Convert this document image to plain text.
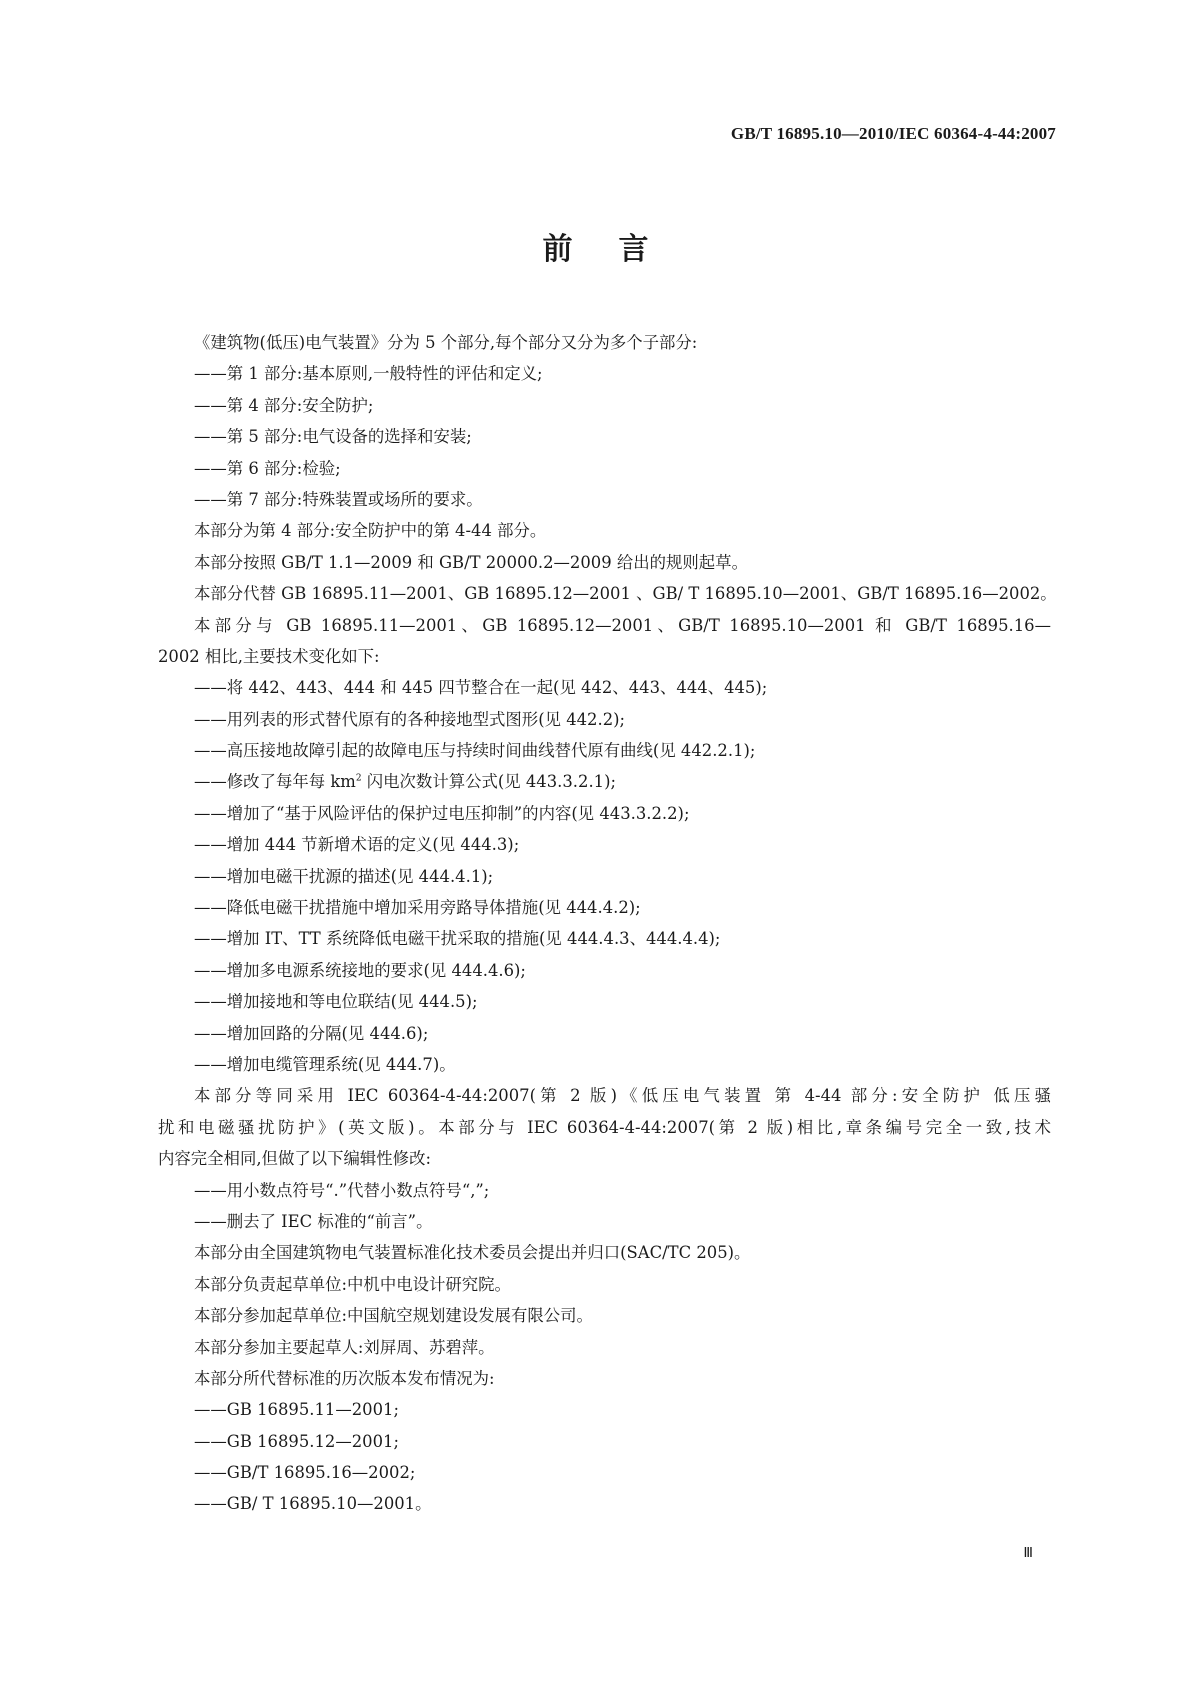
GB/T 16895.10—2010/IEC 60364-4-44:2007
前言
《建筑物(低压)电气装置》分为 5 个部分,每个部分又分为多个子部分:
——第 1 部分:基本原则,一般特性的评估和定义;
——第 4 部分:安全防护;
——第 5 部分:电气设备的选择和安装;
——第 6 部分:检验;
——第 7 部分:特殊装置或场所的要求。
本部分为第 4 部分:安全防护中的第 4-44 部分。
本部分按照 GB/T 1.1—2009 和 GB/T 20000.2—2009 给出的规则起草。
本部分代替 GB 16895.11—2001、GB 16895.12—2001 、GB/ T 16895.10—2001、GB/T 16895.16—2002。
本部分与 GB 16895.11—2001、GB 16895.12—2001、GB/T 16895.10—2001 和 GB/T 16895.16—
2002 相比,主要技术变化如下:
——将 442、443、444 和 445 四节整合在一起(见 442、443、444、445);
——用列表的形式替代原有的各种接地型式图形(见 442.2);
——高压接地故障引起的故障电压与持续时间曲线替代原有曲线(见 442.2.1);
——修改了每年每 $km^2$ 闪电次数计算公式(见 443.3.2.1);
——增加了“基于风险评估的保护过电压抑制”的内容(见 443.3.2.2);
——增加 444 节新增术语的定义(见 444.3);
——增加电磁干扰源的描述(见 444.4.1);
——降低电磁干扰措施中增加采用旁路导体措施(见 444.4.2);
——增加 IT、TT 系统降低电磁干扰采取的措施(见 444.4.3、444.4.4);
——增加多电源系统接地的要求(见 444.4.6);
——增加接地和等电位联结(见 444.5);
——增加回路的分隔(见 444.6);
——增加电缆管理系统(见 444.7)。
本部分等同采用 IEC 60364-4-44:2007(第 2 版)《低压电气装置 第 4-44 部分:安全防护 低压骚
扰和电磁骚扰防护》(英文版)。本部分与 IEC 60364-4-44:2007(第 2 版)相比,章条编号完全一致,技术
内容完全相同,但做了以下编辑性修改:
——用小数点符号“.”代替小数点符号“,”;
——删去了 IEC 标准的“前言”。
本部分由全国建筑物电气装置标准化技术委员会提出并归口(SAC/TC 205)。
本部分负责起草单位:中机中电设计研究院。
本部分参加起草单位:中国航空规划建设发展有限公司。
本部分参加主要起草人:刘屏周、苏碧萍。
本部分所代替标准的历次版本发布情况为:
——GB 16895.11—2001;
——GB 16895.12—2001;
——GB/T 16895.16—2002;
——GB/ T 16895.10—2001。
Ⅲ
